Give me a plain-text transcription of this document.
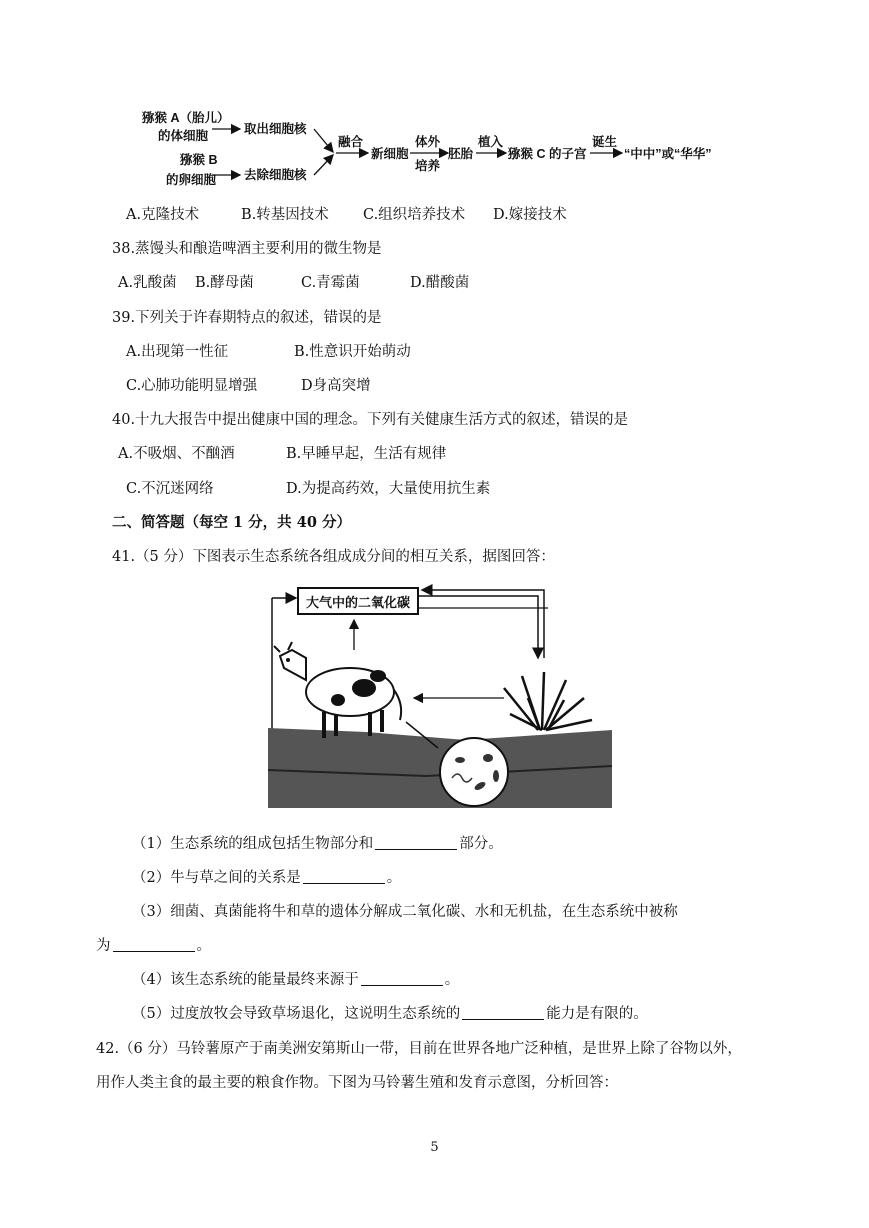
猕猴 A（胎儿）
的体细胞
猕猴 B
的卵细胞
取出细胞核
去除细胞核
融合
新细胞
体外
培养
胚胎
植入
猕猴 C 的子宫
诞生
“中中”或“华华”
A.克隆技术	B.转基因技术 C.组织培养技术 D.嫁接技术
38.蒸馒头和酿造啤酒主要利用的微生物是
A.乳酸菌 B.酵母菌	C.青霉菌	D.醋酸菌
39.下列关于许春期特点的叙述，错误的是
A.出现第一性征	B.性意识开始萌动
C.心肺功能明显增强	D身高突增
40.十九大报告中提出健康中国的理念。下列有关健康生活方式的叙述，错误的是
A.不吸烟、不酗酒	B.早睡早起，生活有规律
C.不沉迷网络	D.为提高药效，大量使用抗生素
二、简答题（每空 1 分，共 40 分）
41.（5 分）下图表示生态系统各组成成分间的相互关系，据图回答：
大气中的二氧化碳
（1）生态系统的组成包括生物部分和	部分。
（2）牛与草之间的关系是	。
（3）细菌、真菌能将牛和草的遗体分解成二氧化碳、水和无机盐，在生态系统中被称
为	。
（4）该生态系统的能量最终来源于	。
（5）过度放牧会导致草场退化，这说明生态系统的	能力是有限的。
42.（6 分）马铃薯原产于南美洲安第斯山一带，目前在世界各地广泛种植，是世界上除了谷物以外，
用作人类主食的最主要的粮食作物。下图为马铃薯生殖和发育示意图，分析回答：
5
